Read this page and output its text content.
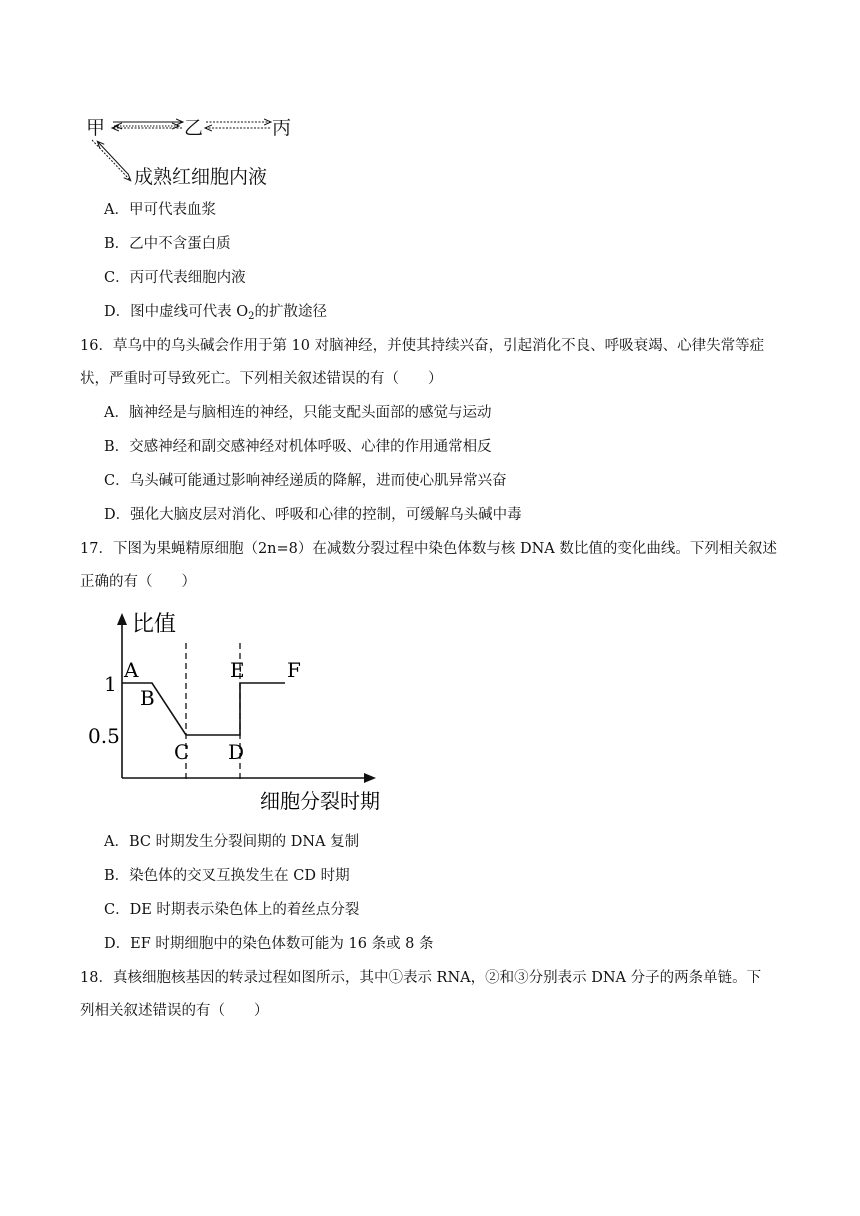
甲	乙	丙
成熟红细胞内液
A．甲可代表血浆
B．乙中不含蛋白质
C．丙可代表细胞内液
D．图中虚线可代表 $O_2$的扩散途径
16．草乌中的乌头碱会作用于第 10 对脑神经，并使其持续兴奋，引起消化不良、呼吸衰竭、心律失常等症
状，严重时可导致死亡。下列相关叙述错误的有（　　）
A．脑神经是与脑相连的神经，只能支配头面部的感觉与运动
B．交感神经和副交感神经对机体呼吸、心律的作用通常相反
C．乌头碱可能通过影响神经递质的降解，进而使心肌异常兴奋
D．强化大脑皮层对消化、呼吸和心律的控制，可缓解乌头碱中毒
17．下图为果蝇精原细胞（2n=8）在减数分裂过程中染色体数与核 DNA 数比值的变化曲线。下列相关叙述
正确的有（　　）
比值
细胞分裂时期
1
0.5
A
B
C D
E F
A．BC 时期发生分裂间期的 DNA 复制
B．染色体的交叉互换发生在 CD 时期
C．DE 时期表示染色体上的着丝点分裂
D．EF 时期细胞中的染色体数可能为 16 条或 8 条
18．真核细胞核基因的转录过程如图所示，其中①表示 RNA，②和③分别表示 DNA 分子的两条单链。下
列相关叙述错误的有（　　）
